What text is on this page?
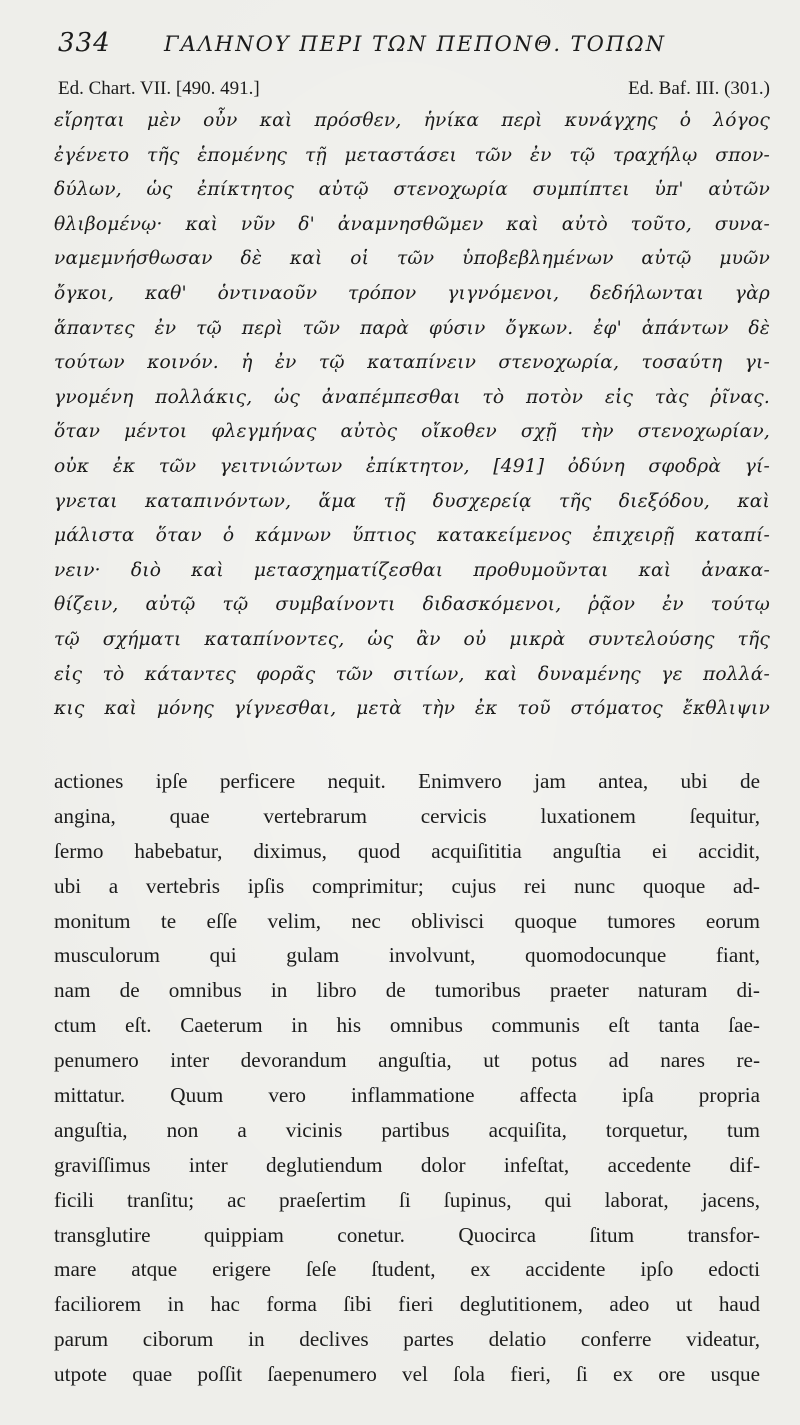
334	ΓΑΛΗΝΟΥ ΠΕΡΙ ΤΩΝ ΠΕΠΟΝΘ. ΤΟΠΩΝ
Ed. Chart. VII. [490. 491.]	Ed. Baf. III. (301.)
εἴρηται μὲν οὖν καὶ πρόσθεν, ἡνίκα περὶ κυνάγχης ὁ λόγος
ἐγένετο τῆς ἑπομένης τῇ μεταστάσει τῶν ἐν τῷ τραχήλῳ σπον-
δύλων, ὡς ἐπίκτητος αὐτῷ στενοχωρία συμπίπτει ὑπ' αὐτῶν
θλιβομένῳ· καὶ νῦν δ' ἀναμνησθῶμεν καὶ αὐτὸ τοῦτο, συνα-
ναμεμνήσθωσαν δὲ καὶ οἱ τῶν ὑποβεβλημένων αὐτῷ μυῶν
ὄγκοι, καθ' ὁντιναοῦν τρόπον γιγνόμενοι, δεδήλωνται γὰρ
ἅπαντες ἐν τῷ περὶ τῶν παρὰ φύσιν ὄγκων. ἐφ' ἁπάντων δὲ
τούτων κοινόν. ἡ ἐν τῷ καταπίνειν στενοχωρία, τοσαύτη γι-
γνομένη πολλάκις, ὡς ἀναπέμπεσθαι τὸ ποτὸν εἰς τὰς ῥῖνας.
ὅταν μέντοι φλεγμήνας αὐτὸς οἴκοθεν σχῇ τὴν στενοχωρίαν,
οὐκ ἐκ τῶν γειτνιώντων ἐπίκτητον, [491] ὀδύνη σφοδρὰ γί-
γνεται καταπινόντων, ἅμα τῇ δυσχερείᾳ τῆς διεξόδου, καὶ
μάλιστα ὅταν ὁ κάμνων ὕπτιος κατακείμενος ἐπιχειρῇ καταπί-
νειν· διὸ καὶ μετασχηματίζεσθαι προθυμοῦνται καὶ ἀνακα-
θίζειν, αὐτῷ τῷ συμβαίνοντι διδασκόμενοι, ῥᾷον ἐν τούτῳ
τῷ σχήματι καταπίνοντες, ὡς ἂν οὐ μικρὰ συντελούσης τῆς
εἰς τὸ κάταντες φορᾶς τῶν σιτίων, καὶ δυναμένης γε πολλά-
κις καὶ μόνης γίγνεσθαι, μετὰ τὴν ἐκ τοῦ στόματος ἔκθλιψιν
actiones ipſe perficere nequit. Enimvero jam antea, ubi de
angina, quae vertebrarum cervicis luxationem ſequitur,
ſermo habebatur, diximus, quod acquiſititia anguſtia ei accidit,
ubi a vertebris ipſis comprimitur; cujus rei nunc quoque ad-
monitum te eſſe velim, nec oblivisci quoque tumores eorum
musculorum qui gulam involvunt, quomodocunque fiant,
nam de omnibus in libro de tumoribus praeter naturam di-
ctum eſt. Caeterum in his omnibus communis eſt tanta ſae-
penumero inter devorandum anguſtia, ut potus ad nares re-
mittatur. Quum vero inflammatione affecta ipſa propria
anguſtia, non a vicinis partibus acquiſita, torquetur, tum
graviſſimus inter deglutiendum dolor infeſtat, accedente dif-
ficili tranſitu; ac praeſertim ſi ſupinus, qui laborat, jacens,
transglutire quippiam conetur. Quocirca ſitum transfor-
mare atque erigere ſeſe ſtudent, ex accidente ipſo edocti
faciliorem in hac forma ſibi fieri deglutitionem, adeo ut haud
parum ciborum in declives partes delatio conferre videatur,
utpote quae poſſit ſaepenumero vel ſola fieri, ſi ex ore usque
